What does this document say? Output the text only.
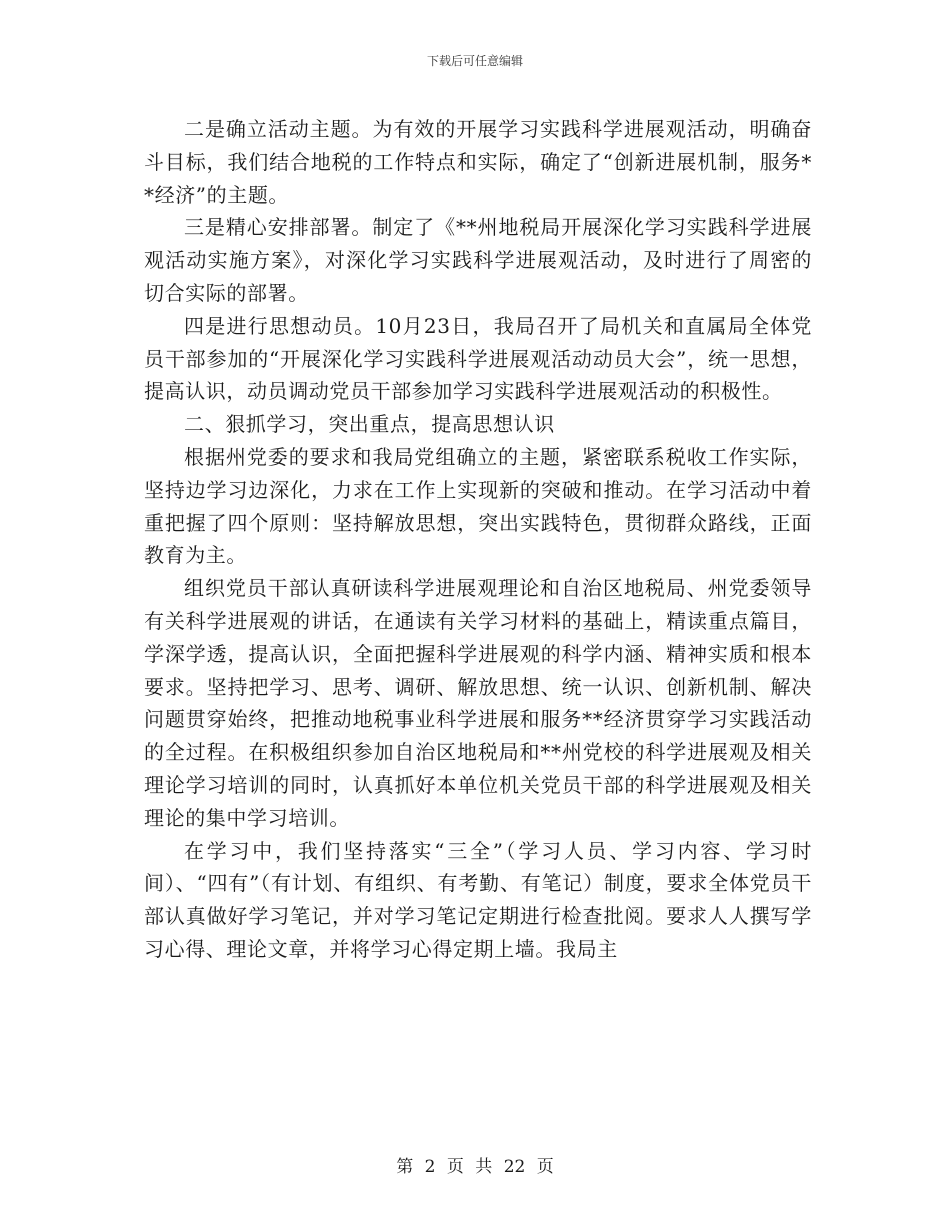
下载后可任意编辑

二是确立活动主题。为有效的开展学习实践科学进展观活动，明确奋斗目标，我们结合地税的工作特点和实际，确定了“创新进展机制，服务**经济”的主题。

三是精心安排部署。制定了《**州地税局开展深化学习实践科学进展观活动实施方案》，对深化学习实践科学进展观活动，及时进行了周密的切合实际的部署。

四是进行思想动员。10月23日，我局召开了局机关和直属局全体党员干部参加的“开展深化学习实践科学进展观活动动员大会”，统一思想，提高认识，动员调动党员干部参加学习实践科学进展观活动的积极性。

二、狠抓学习，突出重点，提高思想认识

根据州党委的要求和我局党组确立的主题，紧密联系税收工作实际，坚持边学习边深化，力求在工作上实现新的突破和推动。在学习活动中着重把握了四个原则：坚持解放思想，突出实践特色，贯彻群众路线，正面教育为主。

组织党员干部认真研读科学进展观理论和自治区地税局、州党委领导有关科学进展观的讲话，在通读有关学习材料的基础上，精读重点篇目，学深学透，提高认识，全面把握科学进展观的科学内涵、精神实质和根本要求。坚持把学习、思考、调研、解放思想、统一认识、创新机制、解决问题贯穿始终，把推动地税事业科学进展和服务**经济贯穿学习实践活动的全过程。在积极组织参加自治区地税局和**州党校的科学进展观及相关理论学习培训的同时，认真抓好本单位机关党员干部的科学进展观及相关理论的集中学习培训。

在学习中，我们坚持落实“三全”（学习人员、学习内容、学习时间）、“四有”（有计划、有组织、有考勤、有笔记）制度，要求全体党员干部认真做好学习笔记，并对学习笔记定期进行检查批阅。要求人人撰写学习心得、理论文章，并将学习心得定期上墙。我局主

第 2 页 共 22 页
